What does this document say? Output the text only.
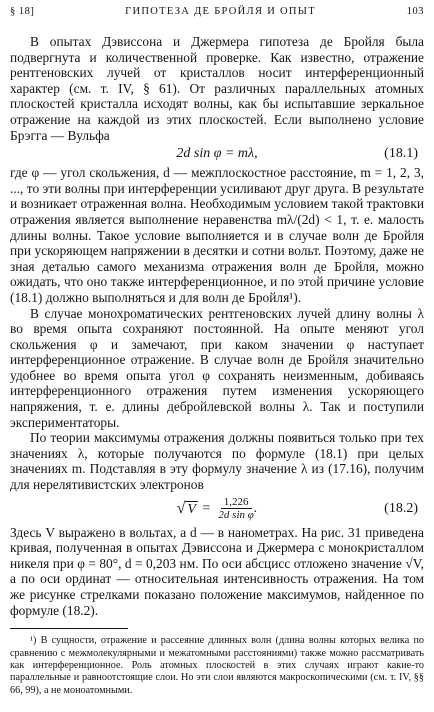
§ 18]	ГИПОТЕЗА ДЕ БРОЙЛЯ И ОПЫТ	103

В опытах Дэвиссона и Джермера гипотеза де Бройля была подвергнута и количественной проверке. Как известно, отражение рентгеновских лучей от кристаллов носит интерференционный характер (см. т. IV, § 61). От различных параллельных атомных плоскостей кристалла исходят волны, как бы испытавшие зеркальное отражение на каждой из этих плоскостей. Если выполнено условие Брэгга — Вульфа

2d sin φ = mλ,	(18.1)

где φ — угол скольжения, d — межплоскостное расстояние, m = 1, 2, 3, ..., то эти волны при интерференции усиливают друг друга. В результате и возникает отраженная волна. Необходимым условием такой трактовки отражения является выполнение неравенства mλ/(2d) < 1, т. е. малость длины волны. Такое условие выполняется и в случае волн де Бройля при ускоряющем напряжении в десятки и сотни вольт. Поэтому, даже не зная деталью самого механизма отражения волн де Бройля, можно ожидать, что оно также интерференционное, и по этой причине условие (18.1) должно выполняться и для волн де Бройля¹).

В случае монохроматических рентгеновских лучей длину волны λ во время опыта сохраняют постоянной. На опыте меняют угол скольжения φ и замечают, при каком значении φ наступает интерференционное отражение. В случае волн де Бройля значительно удобнее во время опыта угол φ сохранять неизменным, добиваясь интерференционного отражения путем изменения ускоряющего напряжения, т. е. длины дебройлевской волны λ. Так и поступили экспериментаторы.

По теории максимумы отражения должны появиться только при тех значениях λ, которые получаются по формуле (18.1) при целых значениях m. Подставляя в эту формулу значение λ из (17.16), получим для нерелятивистских электронов

√ $V = \frac{1,226}{\text{2d sin φ}}$ .	(18.2)

Здесь V выражено в вольтах, а d — в нанометрах. На рис. 31 приведена кривая, полученная в опытах Дэвиссона и Джермера с монокристаллом никеля при φ = 80°, d = 0,203 нм. По оси абсцисс отложено значение √V, а по оси ординат — относительная интенсивность отражения. На том же рисунке стрелками показано положение максимумов, найденное по формуле (18.2).

¹) В сущности, отражение и рассеяние длинных волн (длина волны которых велика по сравнению с межмолекулярными и межатомными расстояниями) также можно рассматривать как интерференционное. Роль атомных плоскостей в этих случаях играют какие-то параллельные и равноотстоящие слои. Но эти слои являются макроскопическими (см. т. IV, §§ 66, 99), а не моноатомными.
